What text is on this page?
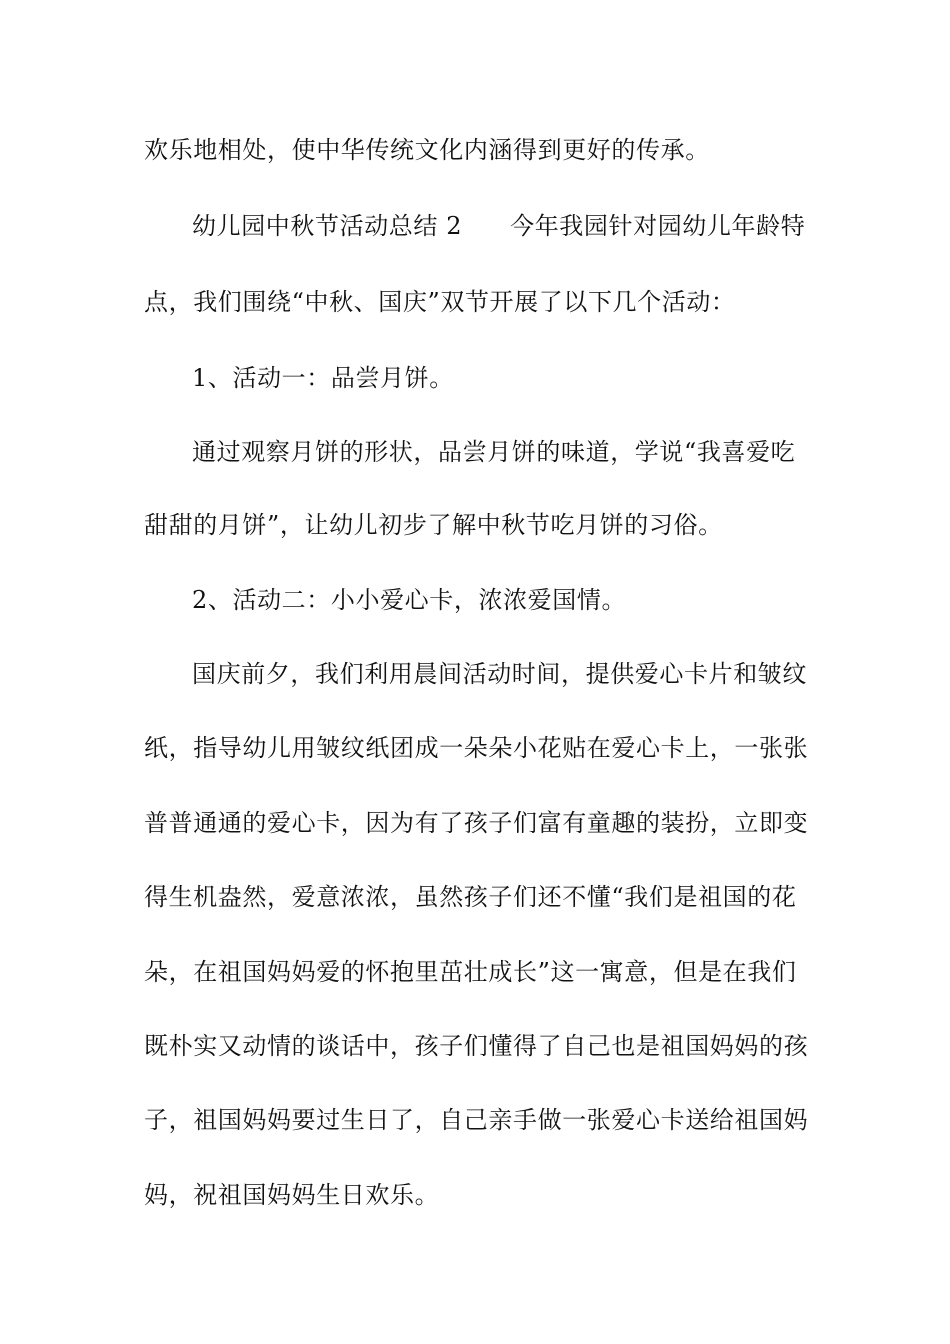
欢乐地相处，使中华传统文化内涵得到更好的传承。
幼儿园中秋节活动总结 2 今年我园针对园幼儿年龄特
点，我们围绕“中秋、国庆”双节开展了以下几个活动：
1、活动一：品尝月饼。
通过观察月饼的形状，品尝月饼的味道，学说“我喜爱吃
甜甜的月饼”，让幼儿初步了解中秋节吃月饼的习俗。
2、活动二：小小爱心卡，浓浓爱国情。
国庆前夕，我们利用晨间活动时间，提供爱心卡片和皱纹
纸，指导幼儿用皱纹纸团成一朵朵小花贴在爱心卡上，一张张
普普通通的爱心卡，因为有了孩子们富有童趣的装扮，立即变
得生机盎然，爱意浓浓，虽然孩子们还不懂“我们是祖国的花
朵，在祖国妈妈爱的怀抱里茁壮成长”这一寓意，但是在我们
既朴实又动情的谈话中，孩子们懂得了自己也是祖国妈妈的孩
子，祖国妈妈要过生日了，自己亲手做一张爱心卡送给祖国妈
妈，祝祖国妈妈生日欢乐。
